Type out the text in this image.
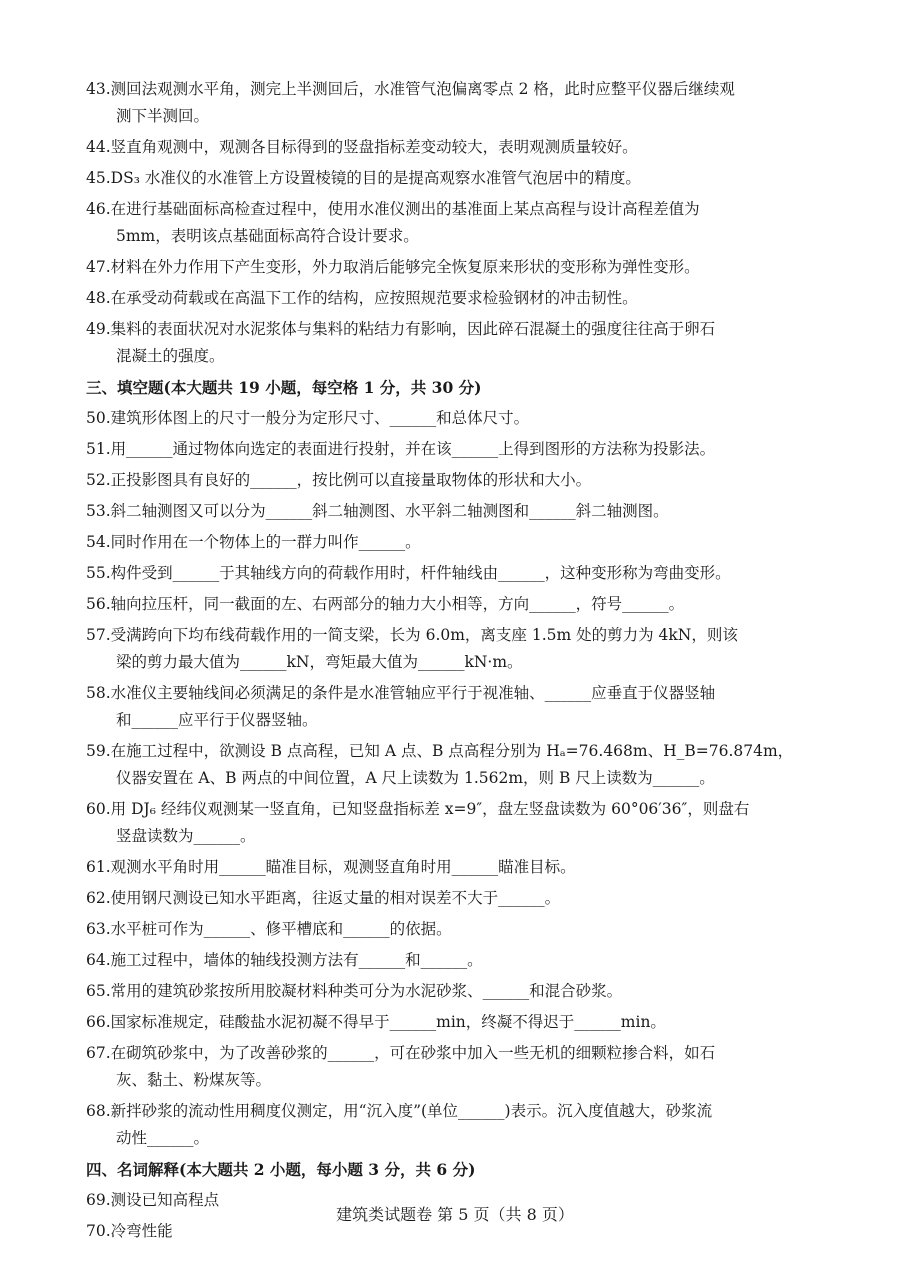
43.测回法观测水平角，测完上半测回后，水准管气泡偏离零点 2 格，此时应整平仪器后继续观
测下半测回。
44.竖直角观测中，观测各目标得到的竖盘指标差变动较大，表明观测质量较好。
45.DS₃ 水准仪的水准管上方设置棱镜的目的是提高观察水准管气泡居中的精度。
46.在进行基础面标高检查过程中，使用水准仪测出的基准面上某点高程与设计高程差值为
5mm，表明该点基础面标高符合设计要求。
47.材料在外力作用下产生变形，外力取消后能够完全恢复原来形状的变形称为弹性变形。
48.在承受动荷载或在高温下工作的结构，应按照规范要求检验钢材的冲击韧性。
49.集料的表面状况对水泥浆体与集料的粘结力有影响，因此碎石混凝土的强度往往高于卵石
混凝土的强度。
三、填空题(本大题共 19 小题，每空格 1 分，共 30 分)
50.建筑形体图上的尺寸一般分为定形尺寸、______和总体尺寸。
51.用______通过物体向选定的表面进行投射，并在该______上得到图形的方法称为投影法。
52.正投影图具有良好的______，按比例可以直接量取物体的形状和大小。
53.斜二轴测图又可以分为______斜二轴测图、水平斜二轴测图和______斜二轴测图。
54.同时作用在一个物体上的一群力叫作______。
55.构件受到______于其轴线方向的荷载作用时，杆件轴线由______，这种变形称为弯曲变形。
56.轴向拉压杆，同一截面的左、右两部分的轴力大小相等，方向______，符号______。
57.受满跨向下均布线荷载作用的一简支梁，长为 6.0m，离支座 1.5m 处的剪力为 4kN，则该
梁的剪力最大值为______kN，弯矩最大值为______kN·m。
58.水准仪主要轴线间必须满足的条件是水准管轴应平行于视准轴、______应垂直于仪器竖轴
和______应平行于仪器竖轴。
59.在施工过程中，欲测设 B 点高程，已知 A 点、B 点高程分别为 Hₐ=76.468m、H_B=76.874m，
仪器安置在 A、B 两点的中间位置，A 尺上读数为 1.562m，则 B 尺上读数为______。
60.用 DJ₆ 经纬仪观测某一竖直角，已知竖盘指标差 x=9″，盘左竖盘读数为 60°06′36″，则盘右
竖盘读数为______。
61.观测水平角时用______瞄准目标，观测竖直角时用______瞄准目标。
62.使用钢尺测设已知水平距离，往返丈量的相对误差不大于______。
63.水平桩可作为______、修平槽底和______的依据。
64.施工过程中，墙体的轴线投测方法有______和______。
65.常用的建筑砂浆按所用胶凝材料种类可分为水泥砂浆、______和混合砂浆。
66.国家标准规定，硅酸盐水泥初凝不得早于______min，终凝不得迟于______min。
67.在砌筑砂浆中，为了改善砂浆的______，可在砂浆中加入一些无机的细颗粒掺合料，如石
灰、黏土、粉煤灰等。
68.新拌砂浆的流动性用稠度仪测定，用“沉入度”(单位______)表示。沉入度值越大，砂浆流
动性______。
四、名词解释(本大题共 2 小题，每小题 3 分，共 6 分)
69.测设已知高程点
70.冷弯性能
建筑类试题卷 第 5 页（共 8 页）
